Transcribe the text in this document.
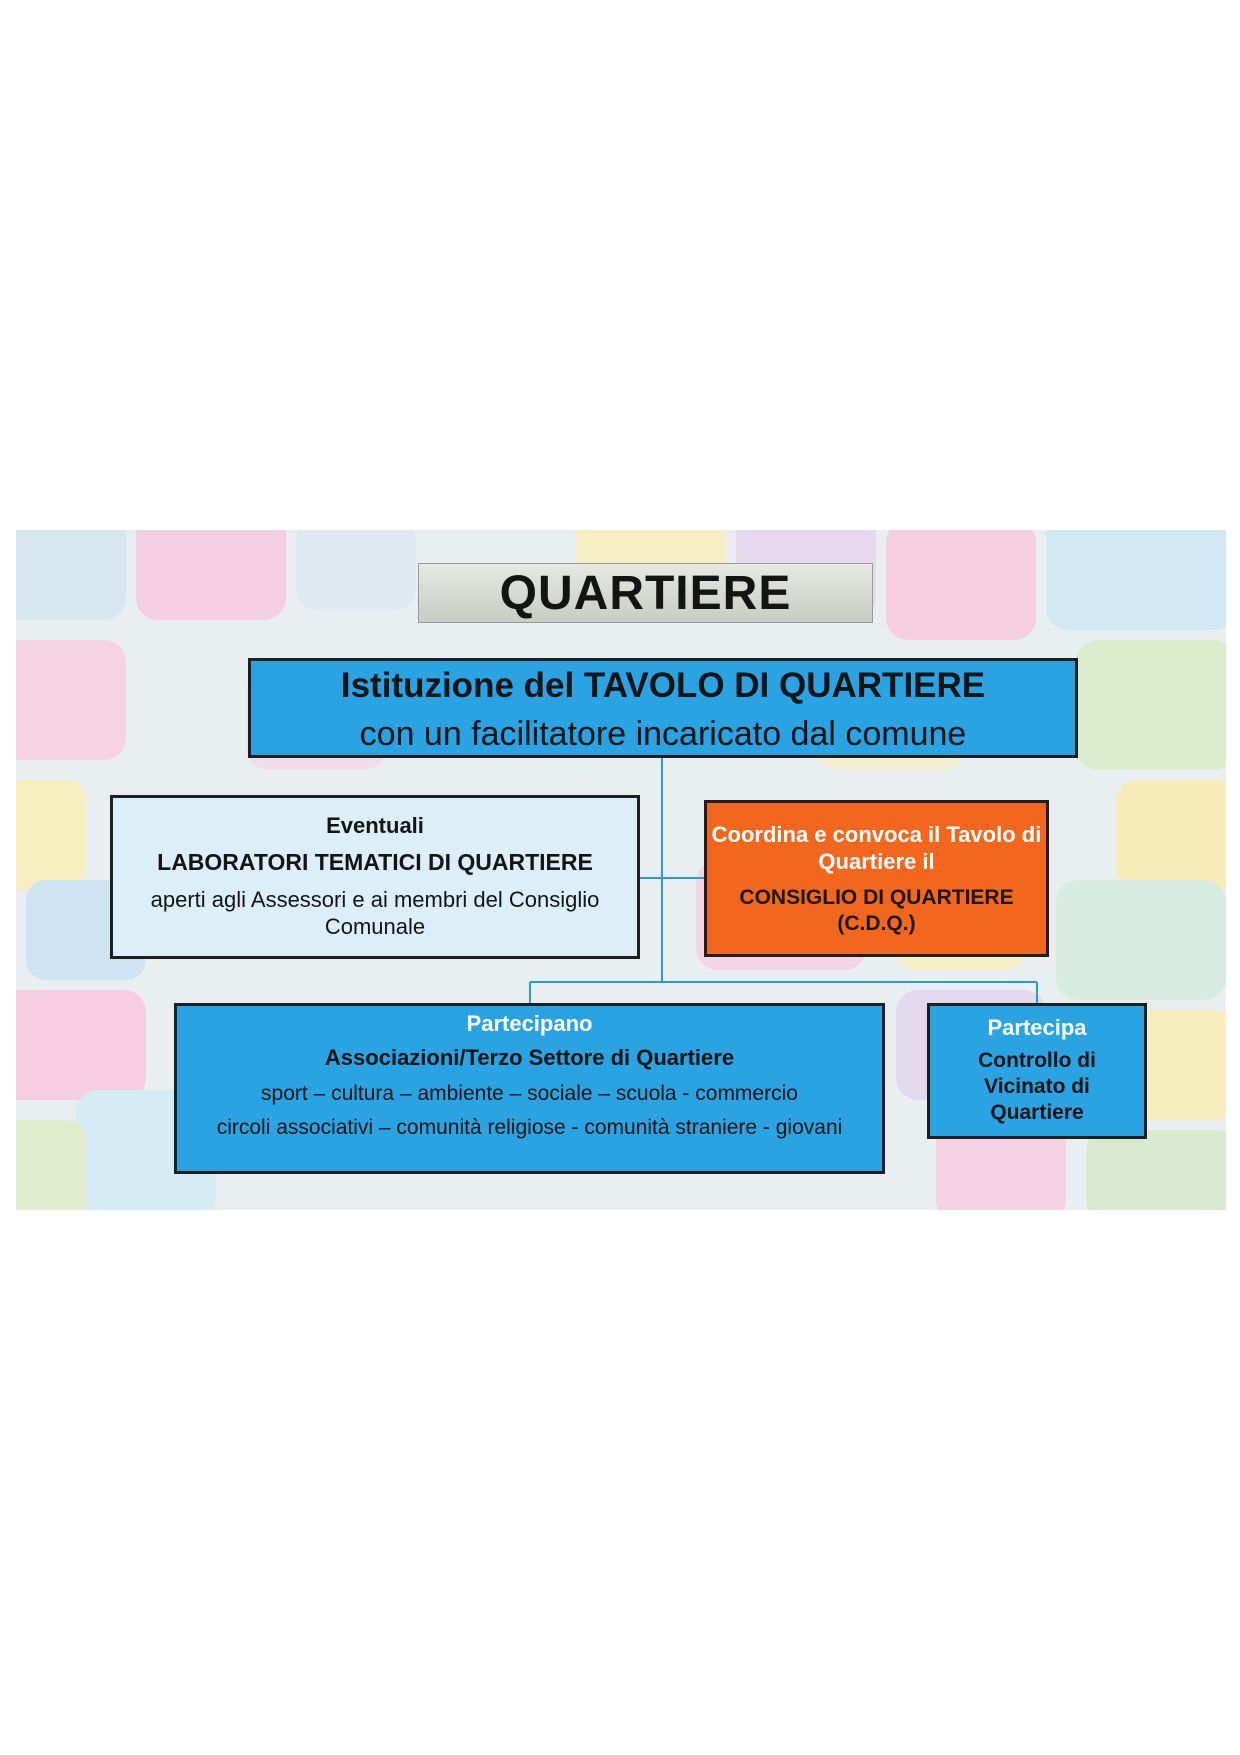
QUARTIERE
Istituzione del TAVOLO DI QUARTIERE
con un facilitatore incaricato dal comune
Eventuali
LABORATORI TEMATICI DI QUARTIERE
aperti agli Assessori e ai membri del Consiglio Comunale
Coordina e convoca il Tavolo di Quartiere il
CONSIGLIO DI QUARTIERE (C.D.Q.)
Partecipano
Associazioni/Terzo Settore di Quartiere
sport – cultura – ambiente – sociale – scuola - commercio
circoli associativi – comunità religiose - comunità straniere - giovani
Partecipa
Controllo di Vicinato di Quartiere
